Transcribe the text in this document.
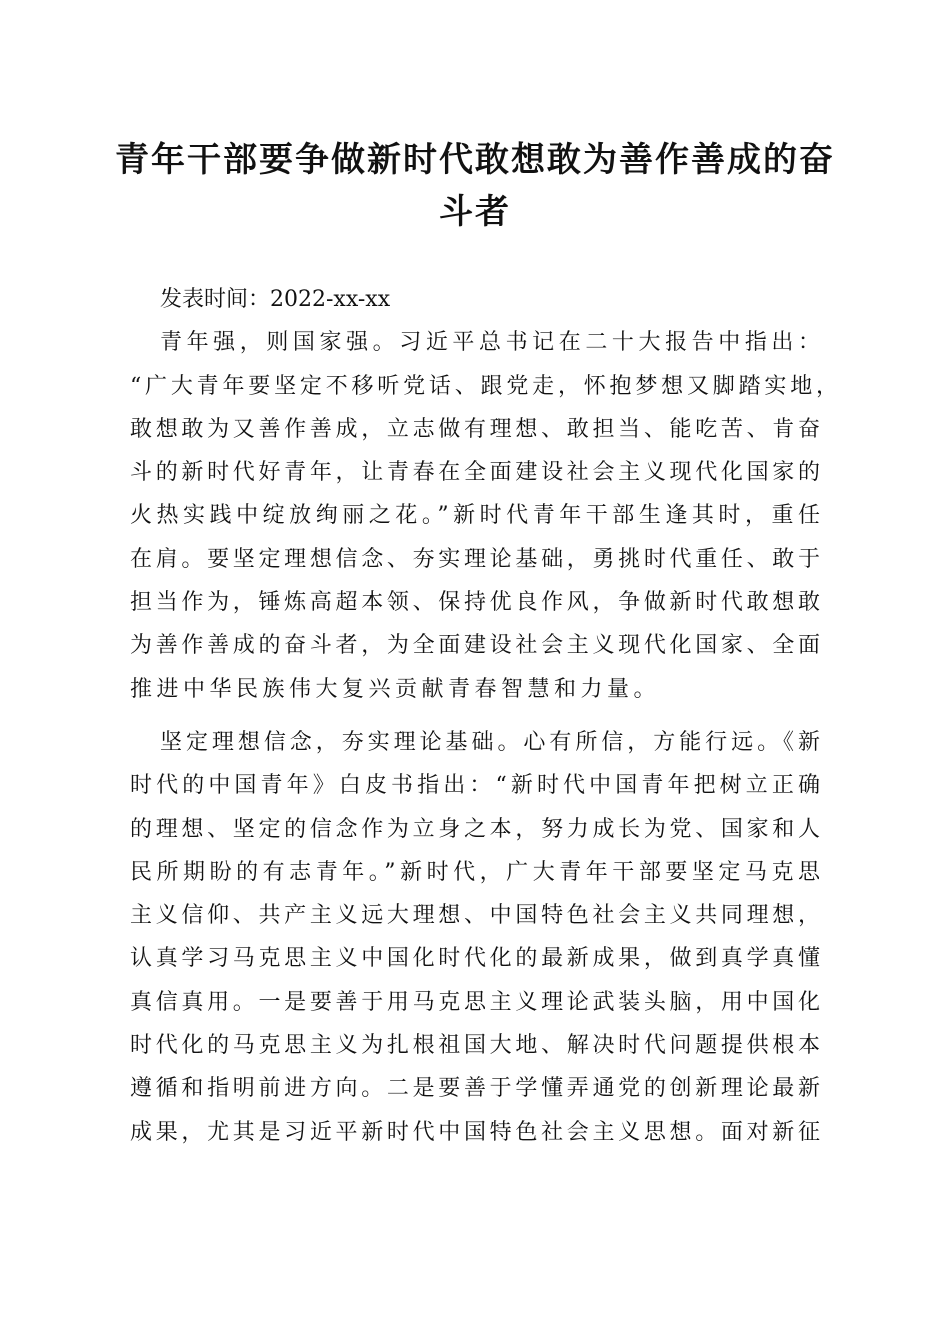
青年干部要争做新时代敢想敢为善作善成的奋
斗者
发表时间：2022-xx-xx
青年强，则国家强。习近平总书记在二十大报告中指出：
“广大青年要坚定不移听党话、跟党走，怀抱梦想又脚踏实地，
敢想敢为又善作善成，立志做有理想、敢担当、能吃苦、肯奋
斗的新时代好青年，让青春在全面建设社会主义现代化国家的
火热实践中绽放绚丽之花。”新时代青年干部生逢其时，重任
在肩。要坚定理想信念、夯实理论基础，勇挑时代重任、敢于
担当作为，锤炼高超本领、保持优良作风，争做新时代敢想敢
为善作善成的奋斗者，为全面建设社会主义现代化国家、全面
推进中华民族伟大复兴贡献青春智慧和力量。
坚定理想信念，夯实理论基础。心有所信，方能行远。《新
时代的中国青年》白皮书指出：“新时代中国青年把树立正确
的理想、坚定的信念作为立身之本，努力成长为党、国家和人
民所期盼的有志青年。”新时代，广大青年干部要坚定马克思
主义信仰、共产主义远大理想、中国特色社会主义共同理想，
认真学习马克思主义中国化时代化的最新成果，做到真学真懂
真信真用。一是要善于用马克思主义理论武装头脑，用中国化
时代化的马克思主义为扎根祖国大地、解决时代问题提供根本
遵循和指明前进方向。二是要善于学懂弄通党的创新理论最新
成果，尤其是习近平新时代中国特色社会主义思想。面对新征
